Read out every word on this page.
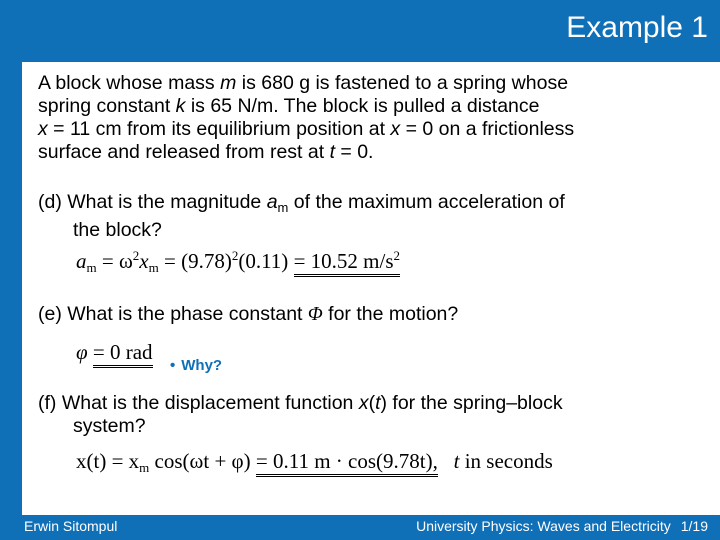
Example 1
A block whose mass m is 680 g is fastened to a spring whose
spring constant k is 65 N/m. The block is pulled a distance
x = 11 cm from its equilibrium position at x = 0 on a frictionless
surface and released from rest at t = 0.
(d) What is the magnitude $a_m$ of the maximum acceleration of
the block?
$a_m = \omega^2x_m = (9.78)^2(0.11) = 10.52$ $m/s^2$
(e) What is the phase constant Φ for the motion?
φ = 0 rad
• Why?
(f) What is the displacement function x(t) for the spring–block
system?
$x(t) = x_m$ cos(ωt + φ) = 0.11 m · cos(9.78t), t in seconds
Erwin Sitompul	University Physics: Waves and Electricity 1/19
